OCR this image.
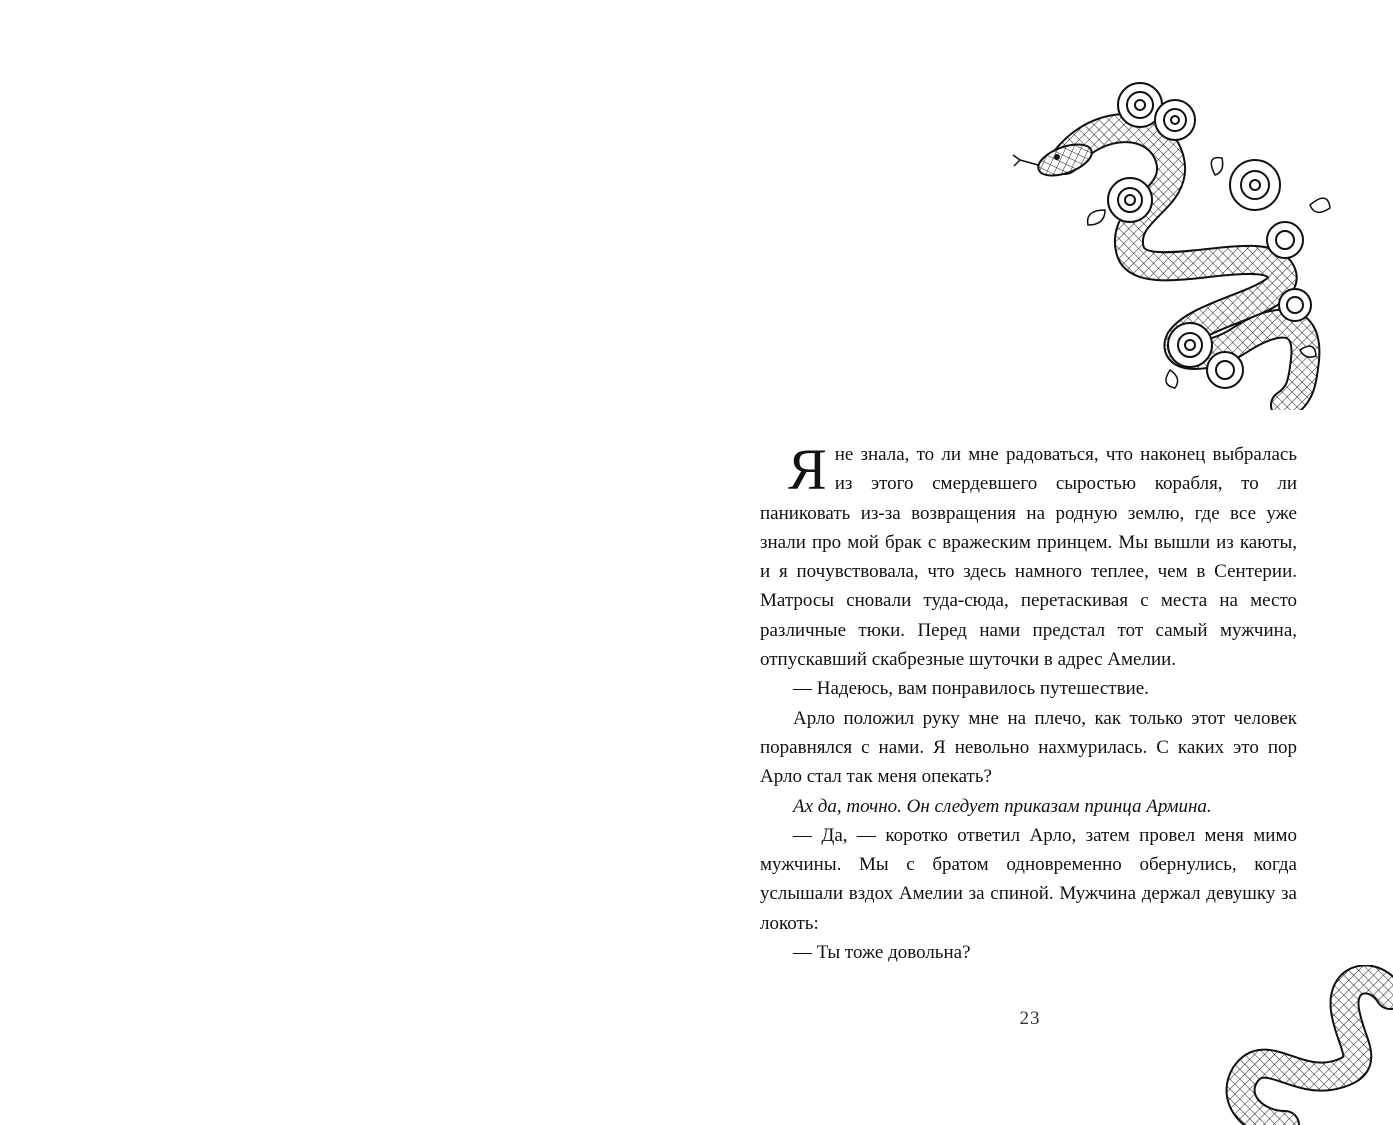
Яне знала, то ли мне радоваться, что наконец выбралась из этого смердевшего сыростью корабля, то ли паниковать из-за возвращения на родную землю, где все уже знали про мой брак с вражеским принцем. Мы вышли из каюты, и я почувствовала, что здесь намного теплее, чем в Сентерии. Матросы сновали туда-сюда, перетаскивая с места на место различные тюки. Перед нами предстал тот самый мужчина, отпускавший скабрезные шуточки в адрес Амелии.

— Надеюсь, вам понравилось путешествие.

Арло положил руку мне на плечо, как только этот человек поравнялся с нами. Я невольно нахмурилась. С каких это пор Арло стал так меня опекать?

Ах да, точно. Он следует приказам принца Армина.

— Да, — коротко ответил Арло, затем провел меня мимо мужчины. Мы с братом одновременно обернулись, когда услышали вздох Амелии за спиной. Мужчина держал девушку за локоть:

— Ты тоже довольна?

23
